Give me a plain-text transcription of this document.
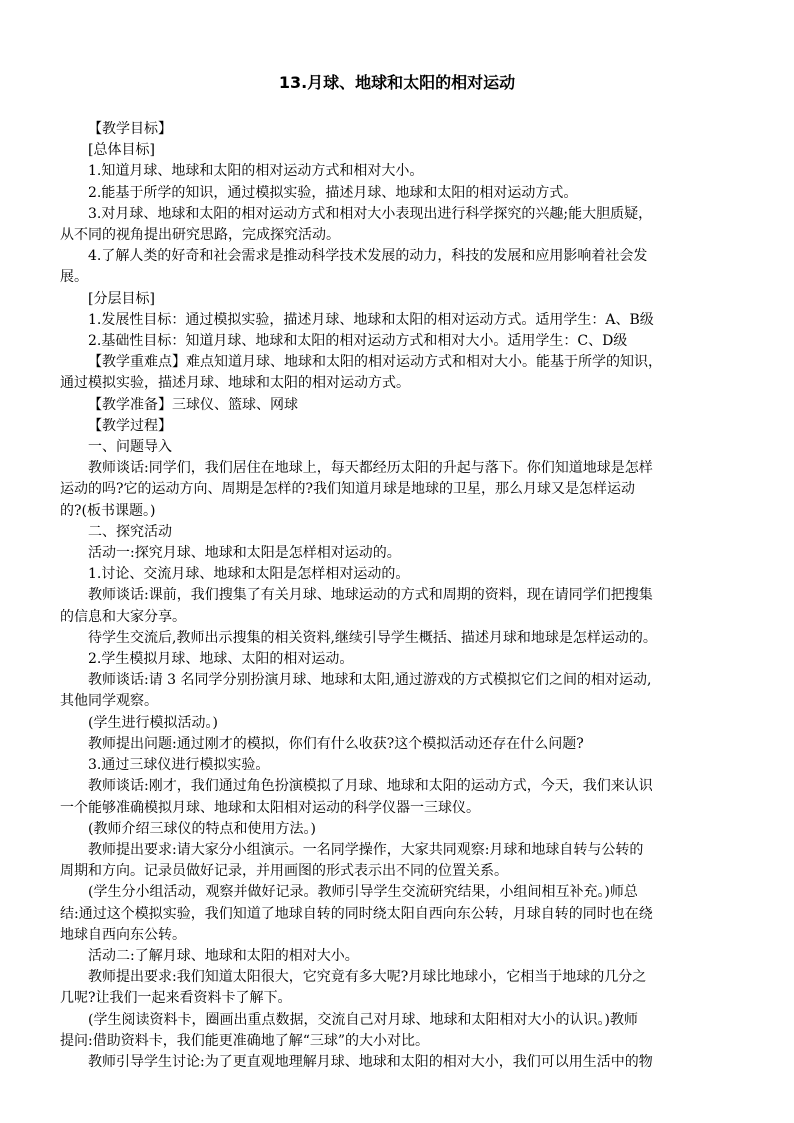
13.月球、地球和太阳的相对运动
【教学目标】
[总体目标]
1.知道月球、地球和太阳的相对运动方式和相对大小。
2.能基于所学的知识，通过模拟实验，描述月球、地球和太阳的相对运动方式。
3.对月球、地球和太阳的相对运动方式和相对大小表现出进行科学探究的兴趣;能大胆质疑，
从不同的视角提出研究思路，完成探究活动。
4.了解人类的好奇和社会需求是推动科学技术发展的动力，科技的发展和应用影响着社会发
展。
[分层目标]
1.发展性目标：通过模拟实验，描述月球、地球和太阳的相对运动方式。适用学生：A、B级
2.基础性目标：知道月球、地球和太阳的相对运动方式和相对大小。适用学生：C、D级
【教学重难点】难点知道月球、地球和太阳的相对运动方式和相对大小。能基于所学的知识，
通过模拟实验，描述月球、地球和太阳的相对运动方式。
【教学准备】三球仪、篮球、网球
【教学过程】
一、问题导入
教师谈话:同学们，我们居住在地球上，每天都经历太阳的升起与落下。你们知道地球是怎样
运动的吗?它的运动方向、周期是怎样的?我们知道月球是地球的卫星，那么月球又是怎样运动
的?(板书课题。)
二、探究活动
活动一:探究月球、地球和太阳是怎样相对运动的。
1.讨论、交流月球、地球和太阳是怎样相对运动的。
教师谈话:课前，我们搜集了有关月球、地球运动的方式和周期的资料，现在请同学们把搜集
的信息和大家分享。
待学生交流后,教师出示搜集的相关资料,继续引导学生概括、描述月球和地球是怎样运动的。
2.学生模拟月球、地球、太阳的相对运动。
教师谈话:请 3 名同学分别扮演月球、地球和太阳,通过游戏的方式模拟它们之间的相对运动,
其他同学观察。
(学生进行模拟活动。)
教师提出问题:通过刚才的模拟，你们有什么收获?这个模拟活动还存在什么问题?
3.通过三球仪进行模拟实验。
教师谈话:刚才，我们通过角色扮演模拟了月球、地球和太阳的运动方式，今天，我们来认识
一个能够准确模拟月球、地球和太阳相对运动的科学仪器一三球仪。
(教师介绍三球仪的特点和使用方法。)
教师提出要求:请大家分小组演示。一名同学操作，大家共同观察:月球和地球自转与公转的
周期和方向。记录员做好记录，并用画图的形式表示出不同的位置关系。
(学生分小组活动，观察并做好记录。教师引导学生交流研究结果，小组间相互补充。)师总
结:通过这个模拟实验，我们知道了地球自转的同时绕太阳自西向东公转，月球自转的同时也在绕
地球自西向东公转。
活动二:了解月球、地球和太阳的相对大小。
教师提出要求:我们知道太阳很大，它究竟有多大呢?月球比地球小，它相当于地球的几分之
几呢?让我们一起来看资料卡了解下。
(学生阅读资料卡，圈画出重点数据，交流自己对月球、地球和太阳相对大小的认识。)教师
提问:借助资料卡，我们能更准确地了解“三球”的大小对比。
教师引导学生讨论:为了更直观地理解月球、地球和太阳的相对大小，我们可以用生活中的物
